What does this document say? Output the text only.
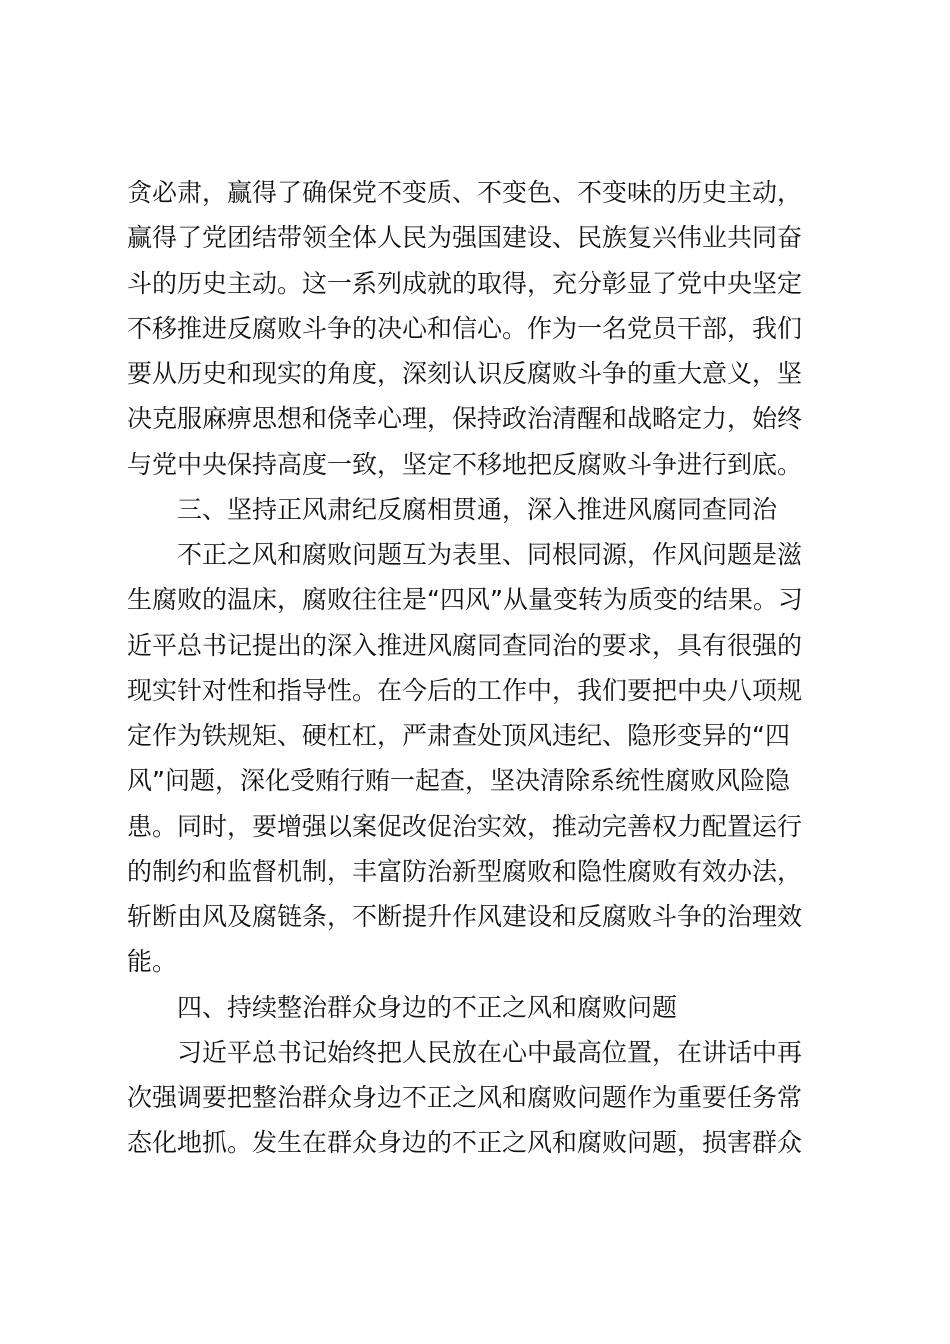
贪必肃，赢得了确保党不变质、不变色、不变味的历史主动，
赢得了党团结带领全体人民为强国建设、民族复兴伟业共同奋
斗的历史主动。这一系列成就的取得，充分彰显了党中央坚定
不移推进反腐败斗争的决心和信心。作为一名党员干部，我们
要从历史和现实的角度，深刻认识反腐败斗争的重大意义，坚
决克服麻痹思想和侥幸心理，保持政治清醒和战略定力，始终
与党中央保持高度一致，坚定不移地把反腐败斗争进行到底。
三、坚持正风肃纪反腐相贯通，深入推进风腐同查同治
不正之风和腐败问题互为表里、同根同源，作风问题是滋
生腐败的温床，腐败往往是“四风”从量变转为质变的结果。习
近平总书记提出的深入推进风腐同查同治的要求，具有很强的
现实针对性和指导性。在今后的工作中，我们要把中央八项规
定作为铁规矩、硬杠杠，严肃查处顶风违纪、隐形变异的“四
风”问题，深化受贿行贿一起查，坚决清除系统性腐败风险隐
患。同时，要增强以案促改促治实效，推动完善权力配置运行
的制约和监督机制，丰富防治新型腐败和隐性腐败有效办法，
斩断由风及腐链条，不断提升作风建设和反腐败斗争的治理效
能。
四、持续整治群众身边的不正之风和腐败问题
习近平总书记始终把人民放在心中最高位置，在讲话中再
次强调要把整治群众身边不正之风和腐败问题作为重要任务常
态化地抓。发生在群众身边的不正之风和腐败问题，损害群众
